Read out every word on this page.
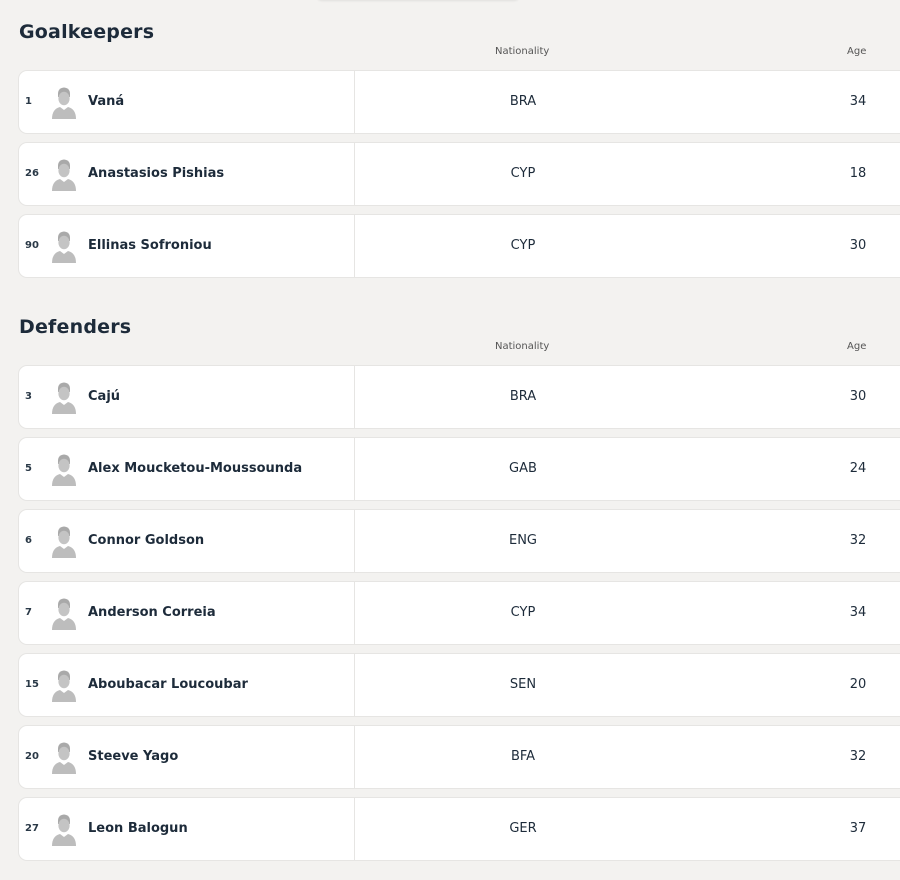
Goalkeepers
Nationality	Age
1	Vaná	BRA	34
26	Anastasios Pishias	CYP	18
90	Ellinas Sofroniou	CYP	30
Defenders
Nationality	Age
3	Cajú	BRA	30
5	Alex Moucketou-Moussounda	GAB	24
6	Connor Goldson	ENG	32
7	Anderson Correia	CYP	34
15	Aboubacar Loucoubar	SEN	20
20	Steeve Yago	BFA	32
27	Leon Balogun	GER	37
